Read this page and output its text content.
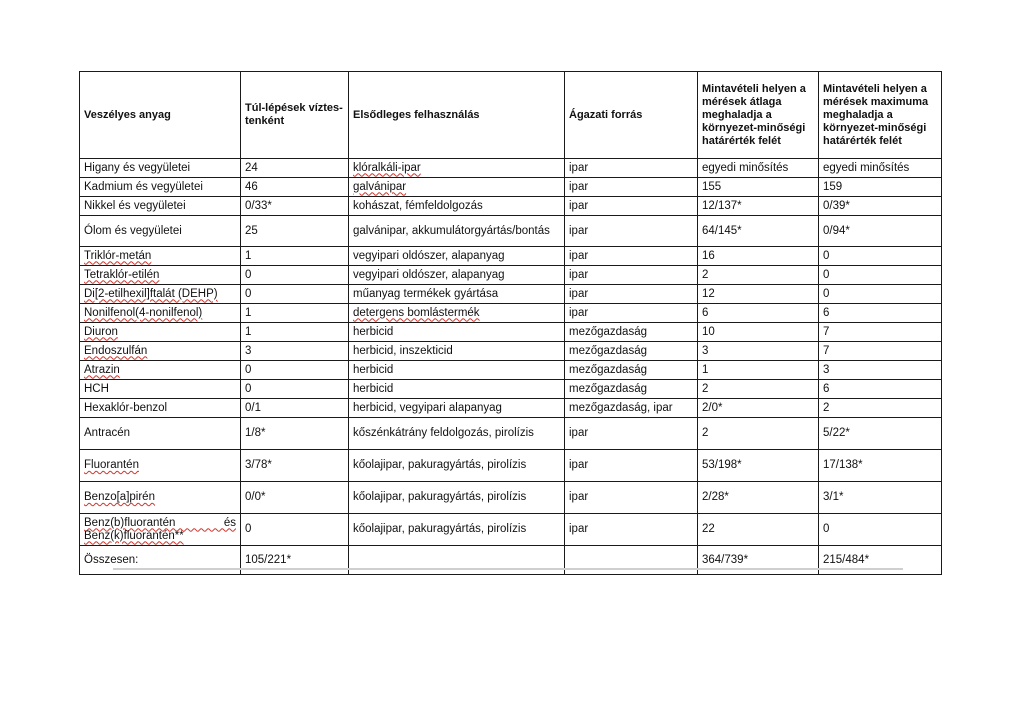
Veszélyes anyag	Túl-lépések víztes-tenként	Elsődleges felhasználás	Ágazati forrás	Mintavételi helyen a mérések átlaga meghaladja a környezet-minőségi határérték felét	Mintavételi helyen a mérések maximuma meghaladja a környezet-minőségi határérték felét
Higany és vegyületei	24	klóralkáli-ipar	ipar	egyedi minősítés	egyedi minősítés
Kadmium és vegyületei	46	galvánipar	ipar	155	159
Nikkel és vegyületei	0/33*	kohászat, fémfeldolgozás	ipar	12/137*	0/39*
Ólom és vegyületei	25	galvánipar, akkumulátorgyártás/bontás	ipar	64/145*	0/94*
Triklór-metán	1	vegyipari oldószer, alapanyag	ipar	16	0
Tetraklór-etilén	0	vegyipari oldószer, alapanyag	ipar	2	0
Di[2-etilhexil]ftalát (DEHP)	0	műanyag termékek gyártása	ipar	12	0
Nonilfenol(4-nonilfenol)	1	detergens bomlástermék	ipar	6	6
Diuron	1	herbicid	mezőgazdaság	10	7
Endoszulfán	3	herbicid, inszekticid	mezőgazdaság	3	7
Atrazin	0	herbicid	mezőgazdaság	1	3
HCH	0	herbicid	mezőgazdaság	2	6
Hexaklór-benzol	0/1	herbicid, vegyipari alapanyag	mezőgazdaság, ipar	2/0*	2
Antracén	1/8*	kőszénkátrány feldolgozás, pirolízis	ipar	2	5/22*
Fluorantén	3/78*	kőolajipar, pakuragyártás, pirolízis	ipar	53/198*	17/138*
Benzo[a]pirén	0/0*	kőolajipar, pakuragyártás, pirolízis	ipar	2/28*	3/1*
Benz(b)fluorantén és Benz(k)fluorantén**	0	kőolajipar, pakuragyártás, pirolízis	ipar	22	0
Összesen:	105/221*			364/739*	215/484*
